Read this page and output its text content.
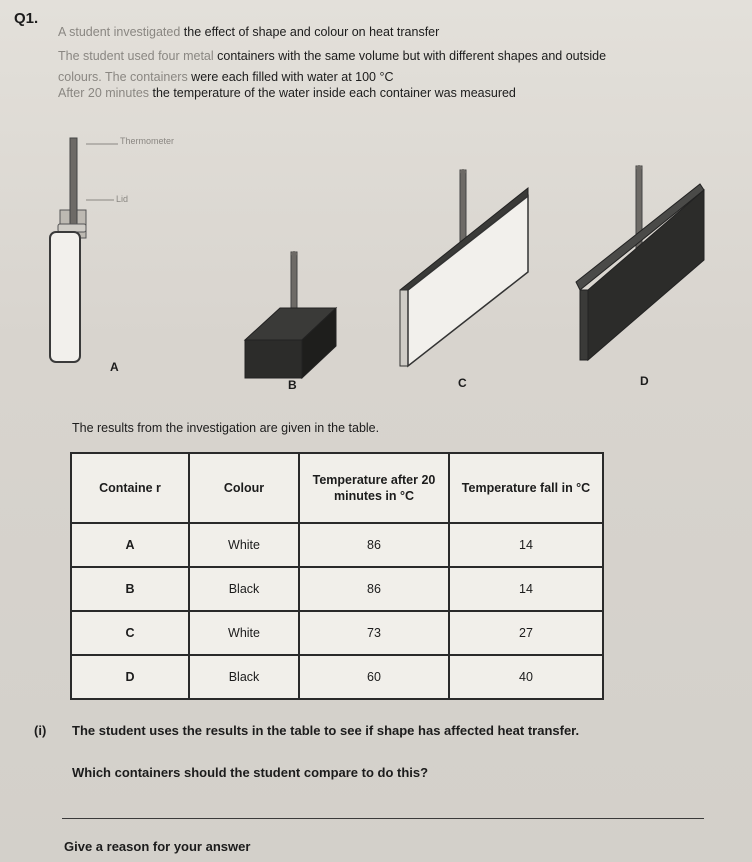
Q1.

A student investigated the effect of shape and colour on heat transfer

The student used four metal containers with the same volume but with different shapes and outside

colours. The containers were each filled with water at 100 °C

After 20 minutes the temperature of the water inside each container was measured

Thermometer
Lid
A
B	C	D
The results from the investigation are given in the table.
Containe r	Colour	Temperature after 20 minutes in °C	Temperature fall in °C
A	White	86	14
B	Black	86	14
C	White	73	27
D	Black	60	40
(i) The student uses the results in the table to see if shape has affected heat transfer.
Which containers should the student compare to do this?
Give a reason for your answer
